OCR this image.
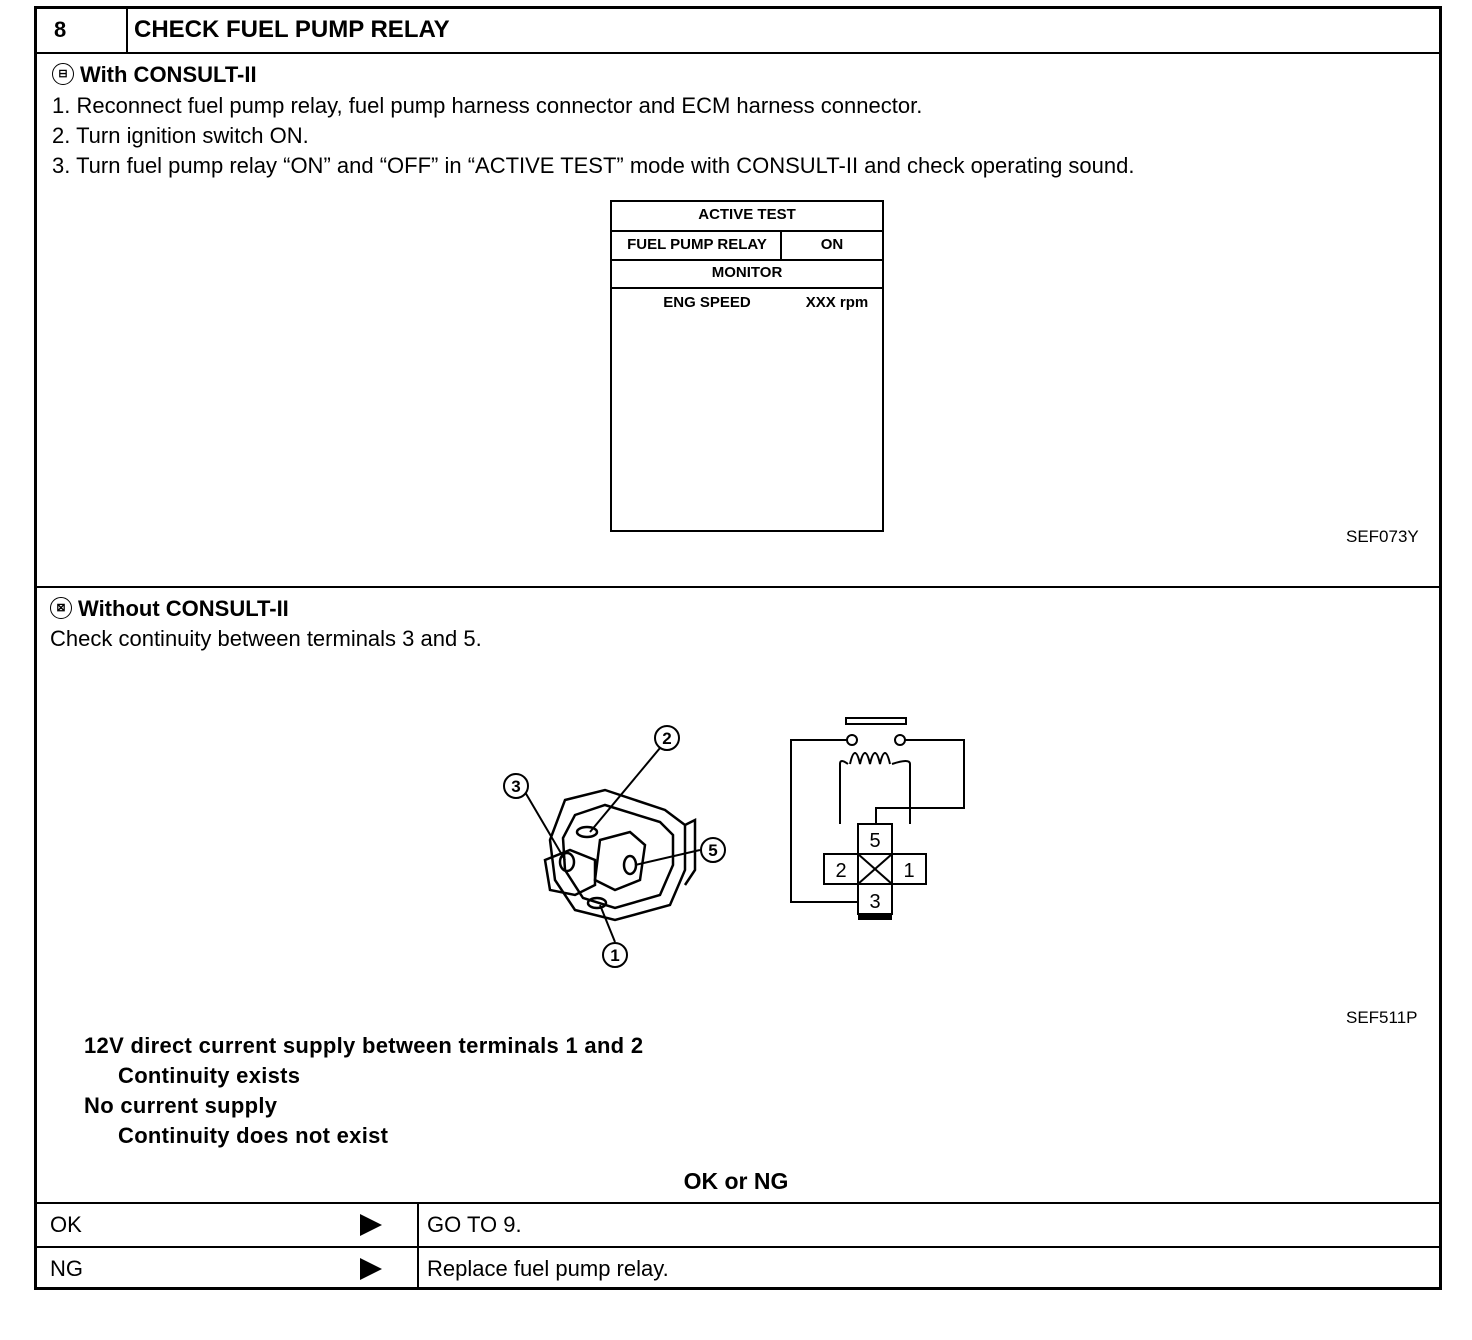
8	CHECK FUEL PUMP RELAY
⊟ With CONSULT-II
1. Reconnect fuel pump relay, fuel pump harness connector and ECM harness connector.
2. Turn ignition switch ON.
3. Turn fuel pump relay “ON” and “OFF” in “ACTIVE TEST” mode with CONSULT-II and check operating sound.
ACTIVE TEST
FUEL PUMP RELAY	ON
MONITOR
ENG SPEED	XXX rpm
SEF073Y
⊠ Without CONSULT-II
Check continuity between terminals 3 and 5.
2
3
5
1
5
2	1
3
SEF511P
12V direct current supply between terminals 1 and 2
Continuity exists
No current supply
Continuity does not exist
OK or NG
OK	GO TO 9.
NG	Replace fuel pump relay.
